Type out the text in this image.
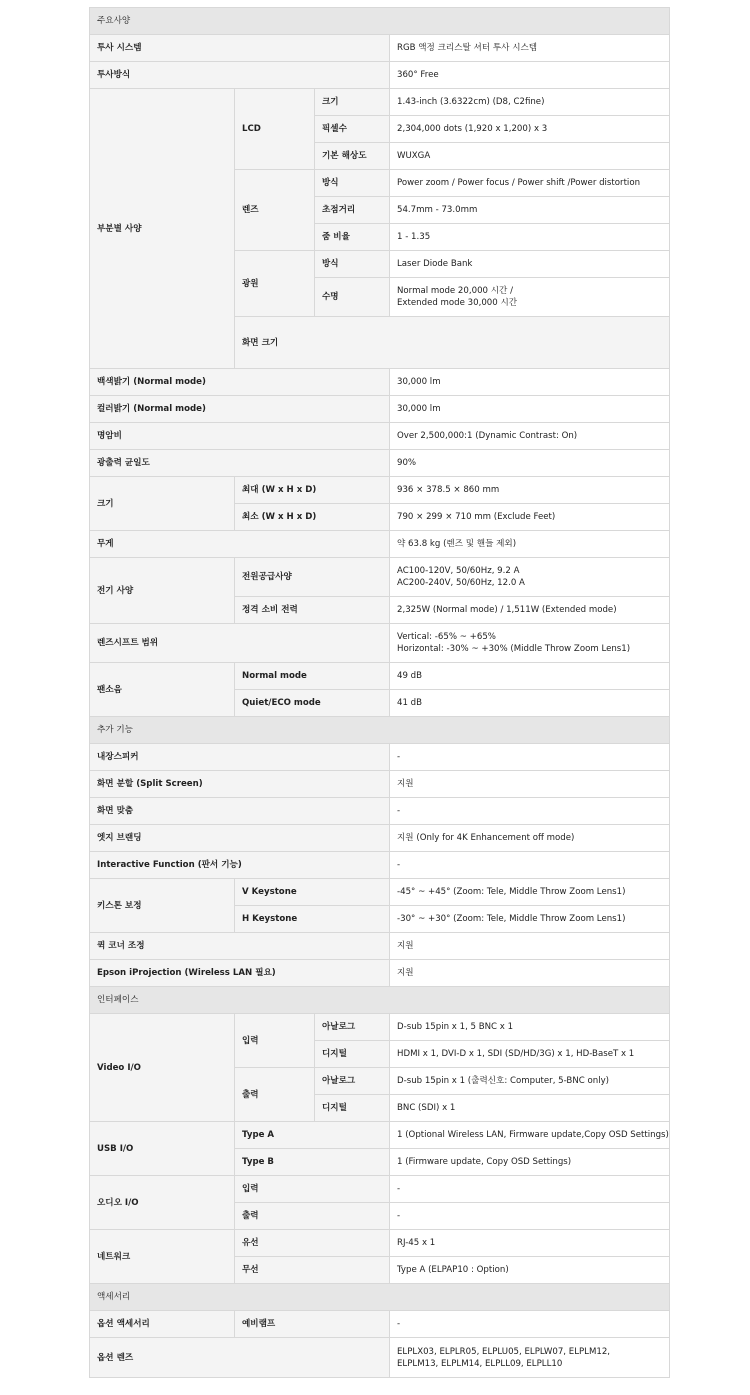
주요사양				
투사 시스템			RGB 액정 크리스탈 셔터 투사 시스템	
투사방식			360° Free	
부분별 사양	LCD	크기	1.43-inch (3.6322cm) (D8, C2fine)	
		픽셀수	2,304,000 dots (1,920 x 1,200) x 3	
		기본 해상도	WUXGA	
	렌즈	방식	Power zoom / Power focus / Power shift /Power distortion	
		초점거리	54.7mm - 73.0mm	
		줌 비율	1 - 1.35	
	광원	방식	Laser Diode Bank	
		수명	Normal mode 20,000 시간 /
Extended mode 30,000 시간	

	화면 크기	

백색밝기 (Normal mode)			30,000 lm	
컬러밝기 (Normal mode)			30,000 lm	
명암비			Over 2,500,000:1 (Dynamic Contrast: On)	
광출력 균일도			90%	
크기	최대 (W x H x D)		936 × 378.5 × 860 mm	
	최소 (W x H x D)		790 × 299 × 710 mm (Exclude Feet)	
무게			약 63.8 kg (렌즈 및 핸들 제외)	
전기 사양	전원공급사양		AC100-120V, 50/60Hz, 9.2 A
AC200-240V, 50/60Hz, 12.0 A	

	정격 소비 전력		2,325W (Normal mode) / 1,511W (Extended mode)	
렌즈시프트 범위			Vertical: -65% ~ +65%
Horizontal: -30% ~ +30% (Middle Throw Zoom Lens1)	

팬소음	Normal mode		49 dB	
	Quiet/ECO mode		41 dB	
추가 기능				
내장스피커			-	
화면 분할 (Split Screen)			지원	
화면 맞춤			-	
엣지 브랜딩			지원 (Only for 4K Enhancement off mode)	
Interactive Function (판서 기능)			-	
키스톤 보정	V Keystone		-45° ~ +45° (Zoom: Tele, Middle Throw Zoom Lens1)	
	H Keystone		-30° ~ +30° (Zoom: Tele, Middle Throw Zoom Lens1)	
퀵 코너 조정			지원	
Epson iProjection (Wireless LAN 필요)			지원	
인터페이스				
Video I/O	입력	아날로그	D-sub 15pin x 1, 5 BNC x 1	
		디지털	HDMI x 1, DVI-D x 1, SDI (SD/HD/3G) x 1, HD-BaseT x 1	
	출력	아날로그	D-sub 15pin x 1 (출력신호: Computer, 5-BNC only)	
		디지털	BNC (SDI) x 1	
USB I/O	Type A		1 (Optional Wireless LAN, Firmware update,Copy OSD Settings)	
	Type B		1 (Firmware update, Copy OSD Settings)	
오디오 I/O	입력		-	
	출력		-	
네트워크	유선		RJ-45 x 1	
	무선		Type A (ELPAP10 : Option)	
액세서리				
옵션 액세서리	예비램프		-	
옵션 렌즈			ELPLX03, ELPLR05, ELPLU05, ELPLW07, ELPLM12,
ELPLM13, ELPLM14, ELPLL09, ELPLL10	
